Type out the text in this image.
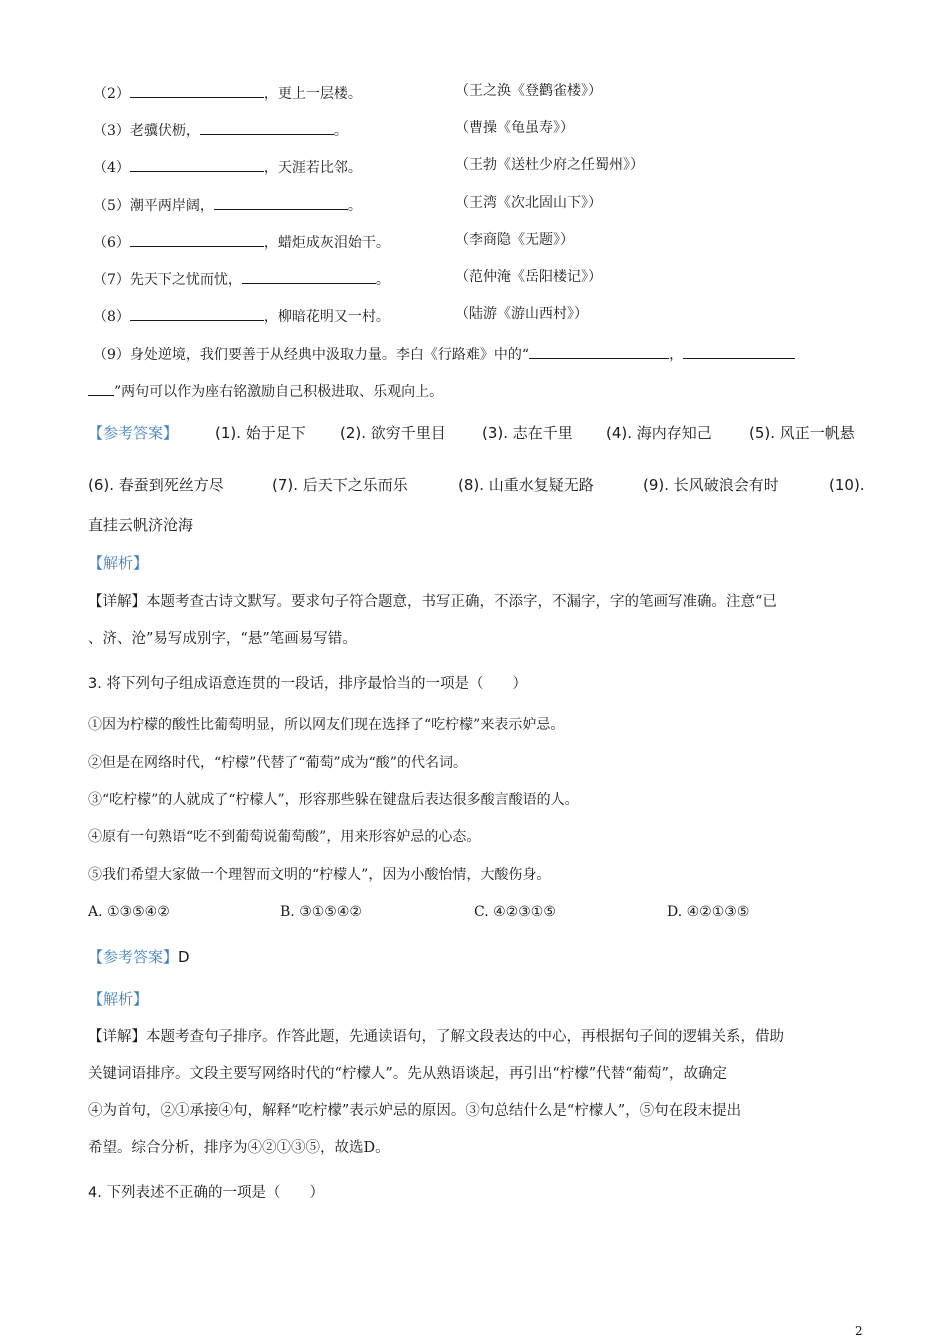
（2）	，更上一层楼。	（王之涣《登鹳雀楼》）
（3）老骥伏枥，	。	（曹操《龟虽寿》）
（4）	，天涯若比邻。	（王勃《送杜少府之任蜀州》）
（5）潮平两岸阔，	。	（王湾《次北固山下》）
（6）	，蜡炬成灰泪始干。	（李商隐《无题》）
（7）先天下之忧而忧，	。	（范仲淹《岳阳楼记》）
（8）	，柳暗花明又一村。	（陆游《游山西村》）
（9）身处逆境，我们要善于从经典中汲取力量。李白《行路难》中的“	，
”两句可以作为座右铭激励自己积极进取、乐观向上。
【参考答案】 (1). 始于足下 (2). 欲穷千里目 (3). 志在千里 (4). 海内存知己 (5). 风正一帆悬
(6). 春蚕到死丝方尽	(7). 后天下之乐而乐	(8). 山重水复疑无路	(9). 长风破浪会有时	(10).
直挂云帆济沧海
【解析】
【详解】本题考查古诗文默写。要求句子符合题意，书写正确，不添字，不漏字，字的笔画写准确。注意“已
、济、沧”易写成别字，“悬”笔画易写错。
3. 将下列句子组成语意连贯的一段话，排序最恰当的一项是（　　）
①因为柠檬的酸性比葡萄明显，所以网友们现在选择了“吃柠檬”来表示妒忌。
②但是在网络时代，“柠檬”代替了“葡萄”成为“酸”的代名词。
③“吃柠檬”的人就成了“柠檬人”，形容那些躲在键盘后表达很多酸言酸语的人。
④原有一句熟语“吃不到葡萄说葡萄酸”，用来形容妒忌的心态。
⑤我们希望大家做一个理智而文明的“柠檬人”，因为小酸怡情，大酸伤身。
A. ①③⑤④②	B. ③①⑤④②	C. ④②③①⑤	D. ④②①③⑤
【参考答案】D
【解析】
【详解】本题考查句子排序。作答此题，先通读语句，了解文段表达的中心，再根据句子间的逻辑关系，借助
关键词语排序。文段主要写网络时代的“柠檬人”。先从熟语谈起，再引出“柠檬”代替“葡萄”，故确定
④为首句，②①承接④句，解释“吃柠檬”表示妒忌的原因。③句总结什么是“柠檬人”，⑤句在段末提出
希望。综合分析，排序为④②①③⑤，故选D。
4. 下列表述不正确的一项是（　　）
2
